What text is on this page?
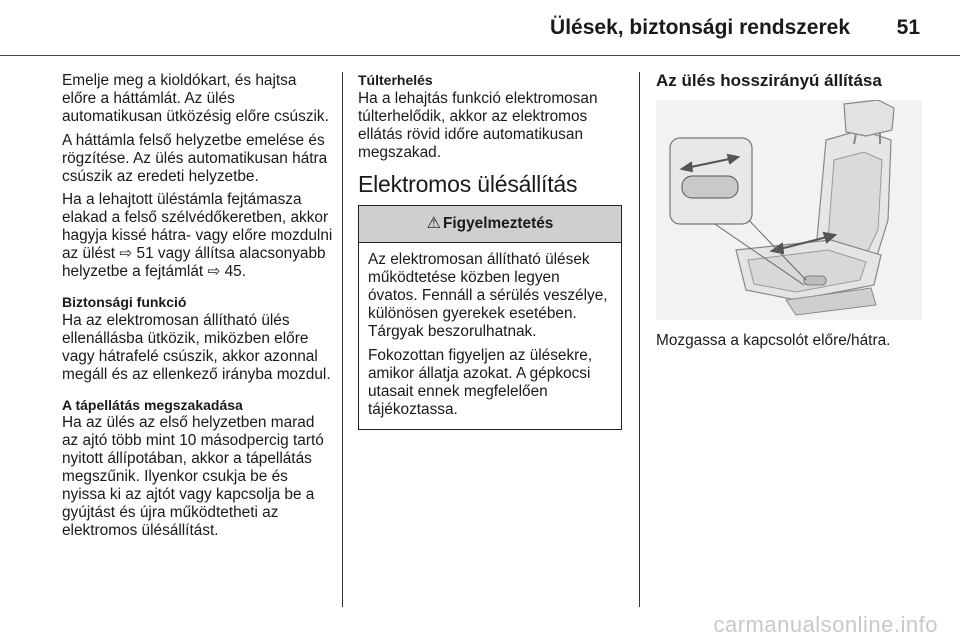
Ülések, biztonsági rendszerek 51

Emelje meg a kioldókart, és hajtsa előre a háttámlát. Az ülés automatikusan ütközésig előre csúszik.

A háttámla felső helyzetbe emelése és rögzítése. Az ülés automatikusan hátra csúszik az eredeti helyzetbe.

Ha a lehajtott üléstámla fejtámasza elakad a felső szélvédőkeretben, akkor hagyja kissé hátra- vagy előre mozdulni az ülést ⇨ 51 vagy állítsa alacsonyabb helyzetbe a fejtámlát ⇨ 45.

Biztonsági funkció
Ha az elektromosan állítható ülés ellenállásba ütközik, miközben előre vagy hátrafelé csúszik, akkor azonnal megáll és az ellenkező irányba mozdul.

A tápellátás megszakadása
Ha az ülés az első helyzetben marad az ajtó több mint 10 másodpercig tartó nyitott állípotában, akkor a tápellátás megszűnik. Ilyenkor csukja be és nyissa ki az ajtót vagy kapcsolja be a gyújtást és újra működtetheti az elektromos ülésállítást.

Túlterhelés
Ha a lehajtás funkció elektromosan túlterhelődik, akkor az elektromos ellátás rövid időre automatikusan megszakad.

Elektromos ülésállítás
⚠ Figyelmeztetés

Az elektromosan állítható ülések működtetése közben legyen óvatos. Fennáll a sérülés veszélye, különösen gyerekek esetében. Tárgyak beszorulhatnak.

Fokozottan figyeljen az ülésekre, amikor állatja azokat. A gépkocsi utasait ennek megfelelően tájékoztassa.

Az ülés hosszirányú állítása

Mozgassa a kapcsolót előre/hátra.

carmanualsonline.info
